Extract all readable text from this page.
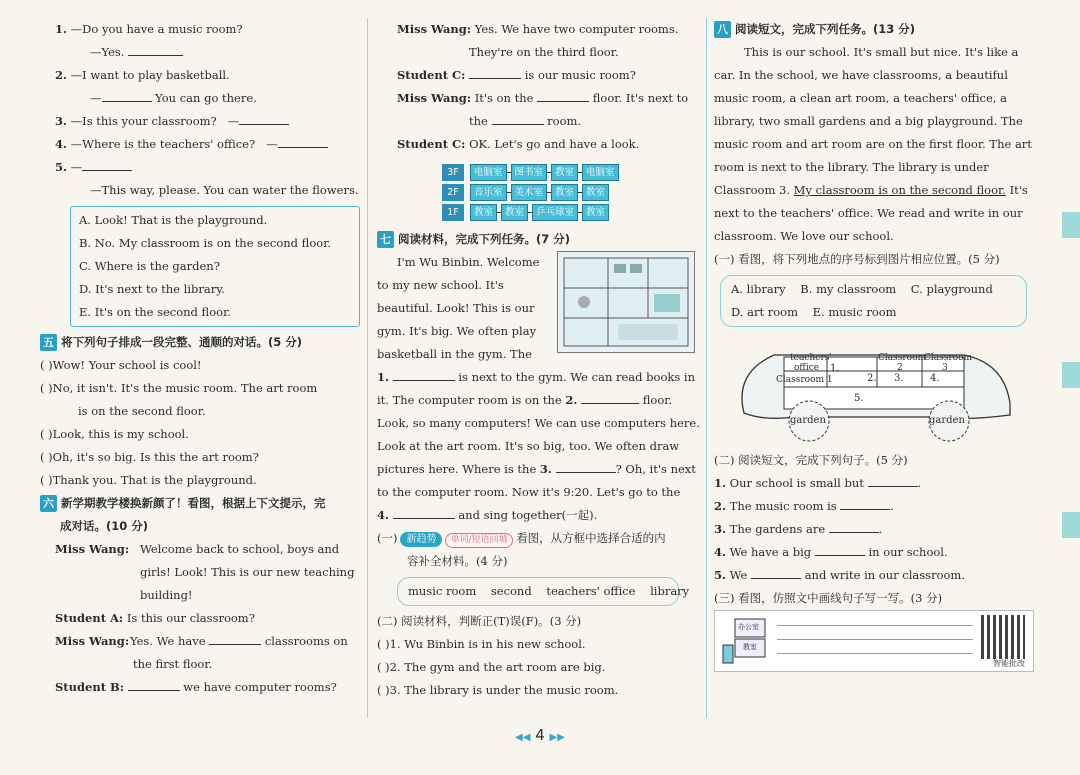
1. —Do you have a music room?
—Yes.
2. —I want to play basketball.
—	You can go there.
3. —Is this your classroom?   —
4. —Where is the teachers' office?   —
5. —
—This way, please. You can water the flowers.
A. Look! That is the playground.
B. No. My classroom is on the second floor.
C. Where is the garden?
D. It's next to the library.
E. It's on the second floor.
五 将下列句子排成一段完整、通顺的对话。(5 分)
( )Wow! Your school is cool!
( )No, it isn't. It's the music room. The art room
is on the second floor.
( )Look, this is my school.
( )Oh, it's so big. Is this the art room?
( )Thank you. That is the playground.
六 新学期教学楼换新颜了！看图，根据上下文提示，完
成对话。(10 分)
Miss Wang: Welcome back to school, boys and
girls! Look! This is our new teaching
building!
Student A: Is this our classroom?
Miss Wang:Yes. We have	classrooms on
the first floor.
Student B:	we have computer rooms?
Miss Wang: Yes. We have two computer rooms.
They're on the third floor.
Student C:	is our music room?
Miss Wang: It's on the	floor. It's next to
the	room.
Student C: OK. Let's go and have a look.
3F	电脑室	图书室	教室	电脑室
2F	音乐室	美术室	教室	教室
1F	教室	教室	乒乓球室	教室
七 阅读材料，完成下列任务。(7 分)
I'm Wu Binbin. Welcome
to my new school. It's
beautiful. Look! This is our
gym. It's big. We often play
basketball in the gym. The
1.	is next to the gym. We can read books in
it. The computer room is on the 2.	floor.
Look, so many computers! We can use computers here.
Look at the art room. It's so big, too. We often draw
pictures here. Where is the 3.	? Oh, it's next
to the computer room. Now it's 9:20. Let's go to the
4.	and sing together(一起).
(一) 新趋势 单词/短语回填 看图，从方框中选择合适的内
容补全材料。(4 分)
music room    second    teachers' office    library
(二) 阅读材料，判断正(T)误(F)。(3 分)
( )1. Wu Binbin is in his new school.
( )2. The gym and the art room are big.
( )3. The library is under the music room.
八 阅读短文，完成下列任务。(13 分)
This is our school. It's small but nice. It's like a
car. In the school, we have classrooms, a beautiful
music room, a clean art room, a teachers' office, a
library, two small gardens and a big playground. The
music room and art room are on the first floor. The art
room is next to the library. The library is under
Classroom 3. My classroom is on the second floor. It's
next to the teachers' office. We read and write in our
classroom. We love our school.
(一) 看图，将下列地点的序号标到图片相应位置。(5 分)
A. library    B. my classroom    C. playground
D. art room    E. music room
teachers'
office 1.
Classroom
Classroom
2	3
Classroom 1	2. 3.	4.
5.
garden	garden
(二) 阅读短文，完成下列句子。(5 分)
1. Our school is small but	.
2. The music room is	.
3. The gardens are	.
4. We have a big	in our school.
5. We	and write in our classroom.
(三) 看图，仿照文中画线句子写一写。(3 分)
办公室
教室
智能批改
◀◀ 4 ▶▶
